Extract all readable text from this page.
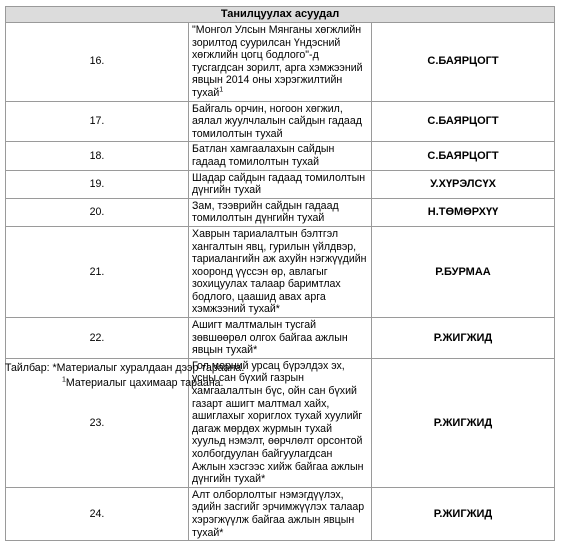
Танилцуулах асуудал		
16.	"Монгол Улсын Мянганы хөгжлийн зорилтод суурилсан Үндэсний хөгжлийн цогц бодлого"-д тусгагдсан зорилт, арга хэмжээний явцын 2014 оны хэрэгжилтийн тухай$^1$	С.БАЯРЦОГТ
17.	Байгаль орчин, ногоон хөгжил, аялал жуулчлалын сайдын гадаад томилолтын тухай	С.БАЯРЦОГТ
18.	Батлан хамгаалахын сайдын гадаад томилолтын тухай	С.БАЯРЦОГТ
19.	Шадар сайдын гадаад томилолтын дүнгийн тухай	У.ХҮРЭЛСҮХ
20.	Зам, тээврийн сайдын гадаад томилолтын дүнгийн тухай	Н.ТӨМӨРХҮҮ
21.	Хаврын тариалалтын бэлтгэл хангалтын явц, гурилын үйлдвэр, тариалангийн аж ахуйн нэгжүүдийн хооронд үүссэн өр, авлагыг зохицуулах талаар баримтлах бодлого, цаашид авах арга хэмжээний тухай*	Р.БУРМАА
22.	Ашигт малтмалын тусгай зөвшөөрөл олгох байгаа ажлын явцын тухай*	Р.ЖИГЖИД
23.	Гол мөрний урсац бүрэлдэх эх, усны сан бүхий газрын хамгаалалтын бүс, ойн сан бүхий газарт ашигт малтмал хайх, ашиглахыг хориглох тухай хуулийг дагаж мөрдөх журмын тухай хуульд нэмэлт, өөрчлөлт орсонтой холбогдуулан байгуулагдсан Ажлын хэсгээс хийж байгаа ажлын дүнгийн тухай*	Р.ЖИГЖИД
24.	Алт олборлолтыг нэмэгдүүлэх, эдийн засгийг эрчимжүүлэх талаар хэрэгжүүлж байгаа ажлын явцын тухай*	Р.ЖИГЖИД
Тайлбар: *Материалыг хуралдаан дээр тараана.
$^1$Материалыг цахимаар тараана.
